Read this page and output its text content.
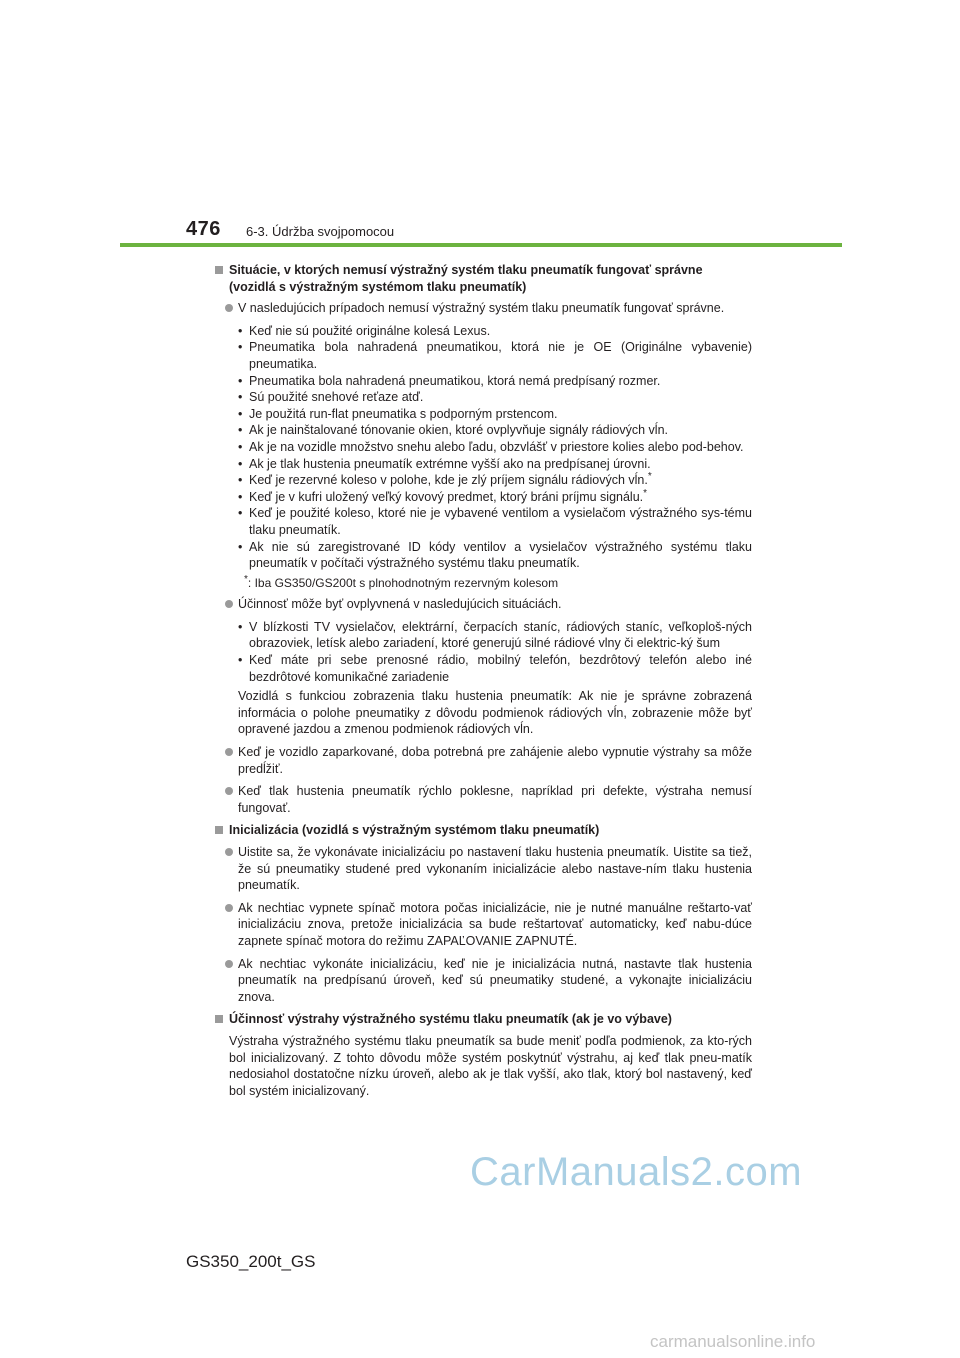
476 6-3. Údržba svojpomocou
Situácie, v ktorých nemusí výstražný systém tlaku pneumatík fungovať správne (vozidlá s výstražným systémom tlaku pneumatík)
V nasledujúcich prípadoch nemusí výstražný systém tlaku pneumatík fungovať správne.
• Keď nie sú použité originálne kolesá Lexus.
• Pneumatika bola nahradená pneumatikou, ktorá nie je OE (Originálne vybavenie) pneumatika.
• Pneumatika bola nahradená pneumatikou, ktorá nemá predpísaný rozmer.
• Sú použité snehové reťaze atď.
• Je použitá run-flat pneumatika s podporným prstencom.
• Ak je nainštalované tónovanie okien, ktoré ovplyvňuje signály rádiových vĺn.
• Ak je na vozidle množstvo snehu alebo ľadu, obzvlášť v priestore kolies alebo pod-behov.
• Ak je tlak hustenia pneumatík extrémne vyšší ako na predpísanej úrovni.
• Keď je rezervné koleso v polohe, kde je zlý príjem signálu rádiových vĺn.*
• Keď je v kufri uložený veľký kovový predmet, ktorý bráni príjmu signálu.*
• Keď je použité koleso, ktoré nie je vybavené ventilom a vysielačom výstražného sys-tému tlaku pneumatík.
• Ak nie sú zaregistrované ID kódy ventilov a vysielačov výstražného systému tlaku pneumatík v počítači výstražného systému tlaku pneumatík.
*: Iba GS350/GS200t s plnohodnotným rezervným kolesom
Účinnosť môže byť ovplyvnená v nasledujúcich situáciách.
• V blízkosti TV vysielačov, elektrární, čerpacích staníc, rádiových staníc, veľkoploš-ných obrazoviek, letísk alebo zariadení, ktoré generujú silné rádiové vlny či elektric-ký šum
• Keď máte pri sebe prenosné rádio, mobilný telefón, bezdrôtový telefón alebo iné bezdrôtové komunikačné zariadenie
Vozidlá s funkciou zobrazenia tlaku hustenia pneumatík: Ak nie je správne zobrazená informácia o polohe pneumatiky z dôvodu podmienok rádiových vĺn, zobrazenie môže byť opravené jazdou a zmenou podmienok rádiových vĺn.
Keď je vozidlo zaparkované, doba potrebná pre zahájenie alebo vypnutie výstrahy sa môže predĺžiť.
Keď tlak hustenia pneumatík rýchlo poklesne, napríklad pri defekte, výstraha nemusí fungovať.
Inicializácia (vozidlá s výstražným systémom tlaku pneumatík)
Uistite sa, že vykonávate inicializáciu po nastavení tlaku hustenia pneumatík. Uistite sa tiež, že sú pneumatiky studené pred vykonaním inicializácie alebo nastave-ním tlaku hustenia pneumatík.
Ak nechtiac vypnete spínač motora počas inicializácie, nie je nutné manuálne reštarto-vať inicializáciu znova, pretože inicializácia sa bude reštartovať automaticky, keď nabu-dúce zapnete spínač motora do režimu ZAPAĽOVANIE ZAPNUTÉ.
Ak nechtiac vykonáte inicializáciu, keď nie je inicializácia nutná, nastavte tlak hustenia pneumatík na predpísanú úroveň, keď sú pneumatiky studené, a vykonajte inicializáciu znova.
Účinnosť výstrahy výstražného systému tlaku pneumatík (ak je vo výbave)
Výstraha výstražného systému tlaku pneumatík sa bude meniť podľa podmienok, za kto-rých bol inicializovaný. Z tohto dôvodu môže systém poskytnúť výstrahu, aj keď tlak pneu-matík nedosiahol dostatočne nízku úroveň, alebo ak je tlak vyšší, ako tlak, ktorý bol nastavený, keď bol systém inicializovaný.
CarManuals2.com
GS350_200t_GS
carmanualsonline.info
